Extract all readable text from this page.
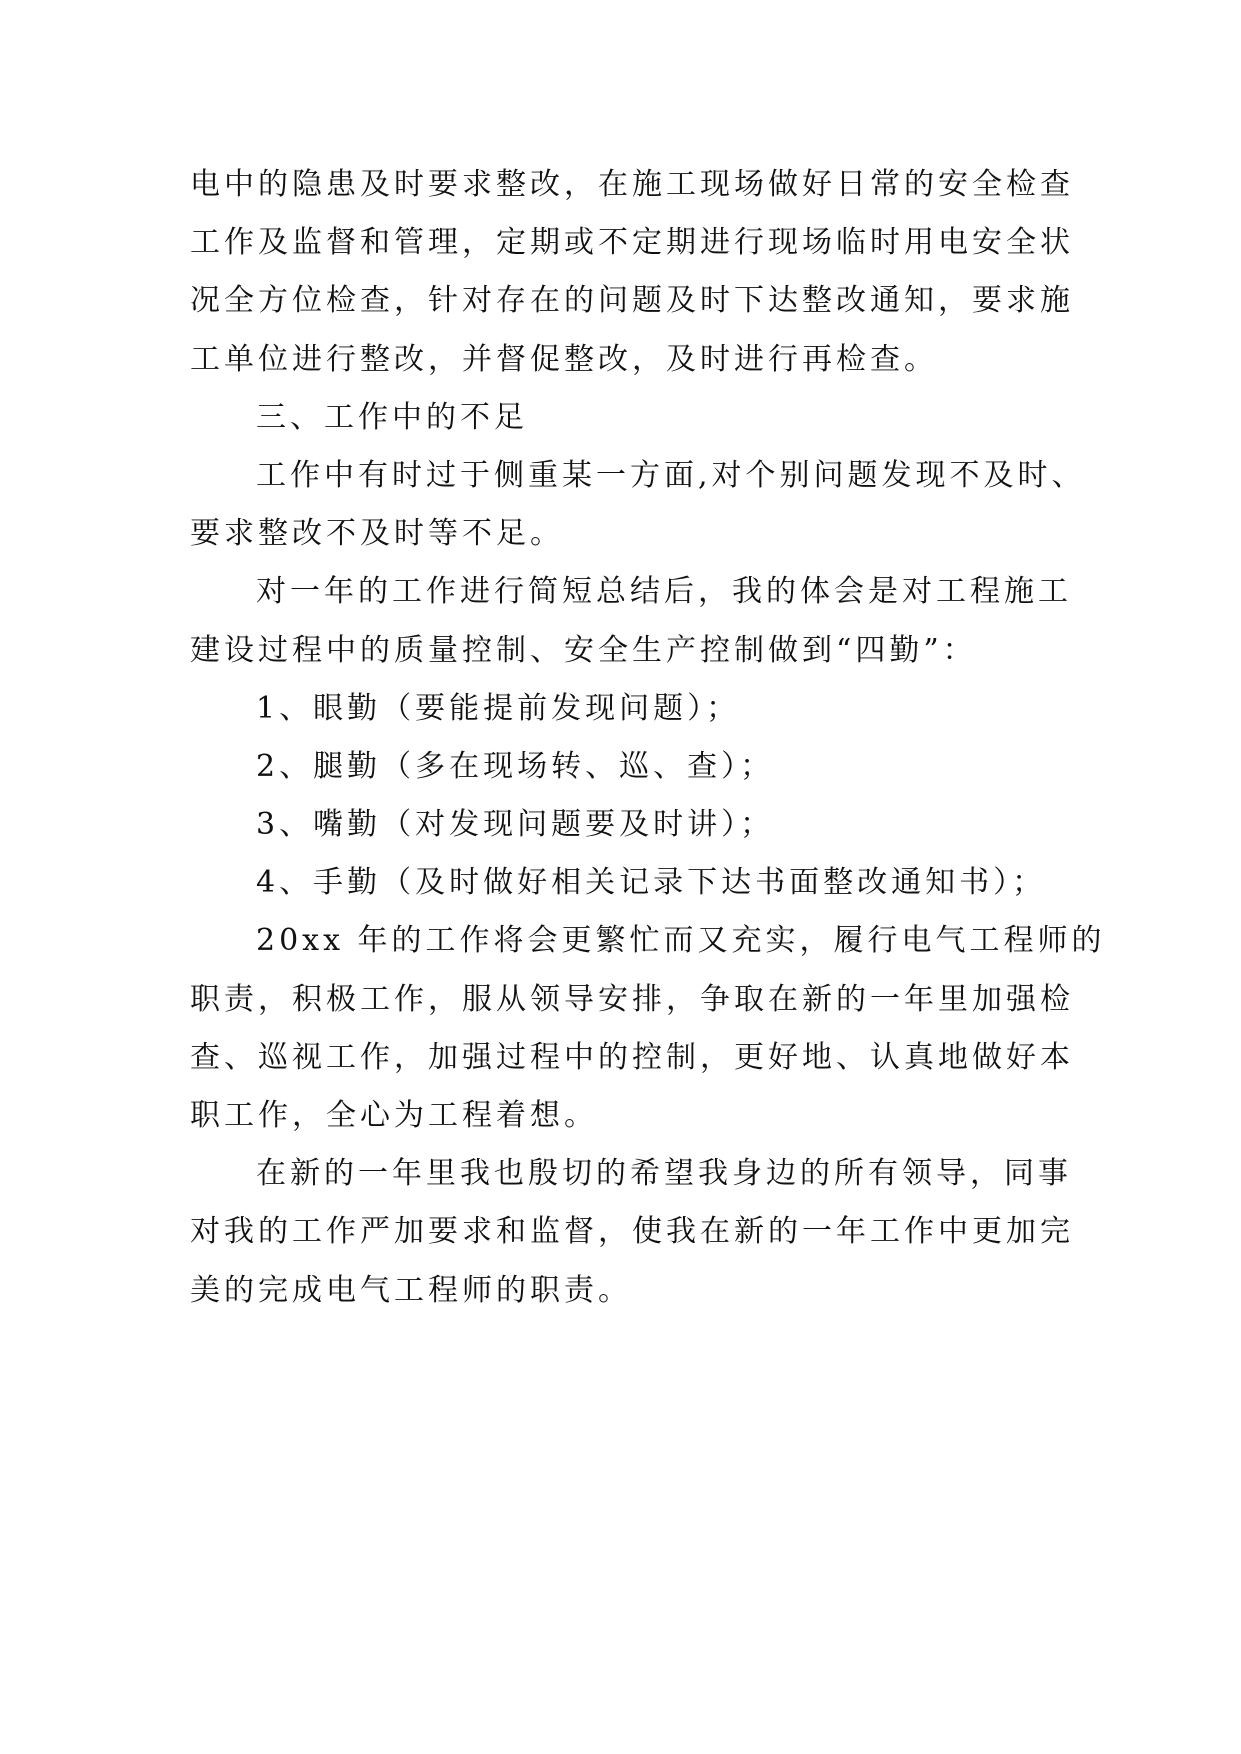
电中的隐患及时要求整改，在施工现场做好日常的安全检查
工作及监督和管理，定期或不定期进行现场临时用电安全状
况全方位检查，针对存在的问题及时下达整改通知，要求施
工单位进行整改，并督促整改，及时进行再检查。
三、工作中的不足
工作中有时过于侧重某一方面,对个别问题发现不及时、
要求整改不及时等不足。
对一年的工作进行简短总结后，我的体会是对工程施工
建设过程中的质量控制、安全生产控制做到“四勤”：
1、眼勤（要能提前发现问题）；
2、腿勤（多在现场转、巡、查）；
3、嘴勤（对发现问题要及时讲）；
4、手勤（及时做好相关记录下达书面整改通知书）；
20xx 年的工作将会更繁忙而又充实，履行电气工程师的
职责，积极工作，服从领导安排，争取在新的一年里加强检
查、巡视工作，加强过程中的控制，更好地、认真地做好本
职工作，全心为工程着想。
在新的一年里我也殷切的希望我身边的所有领导，同事
对我的工作严加要求和监督，使我在新的一年工作中更加完
美的完成电气工程师的职责。
